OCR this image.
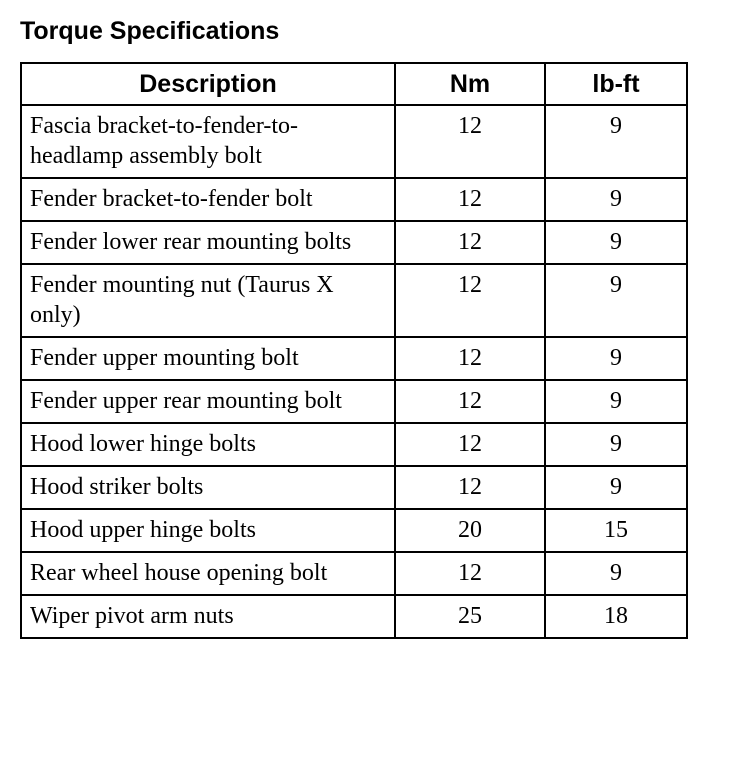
Torque Specifications
Description	Nm	lb-ft
Fascia bracket-to-fender-to-headlamp assembly bolt	12	9
Fender bracket-to-fender bolt	12	9
Fender lower rear mounting bolts	12	9
Fender mounting nut (Taurus X only)	12	9
Fender upper mounting bolt	12	9
Fender upper rear mounting bolt	12	9
Hood lower hinge bolts	12	9
Hood striker bolts	12	9
Hood upper hinge bolts	20	15
Rear wheel house opening bolt	12	9
Wiper pivot arm nuts	25	18
